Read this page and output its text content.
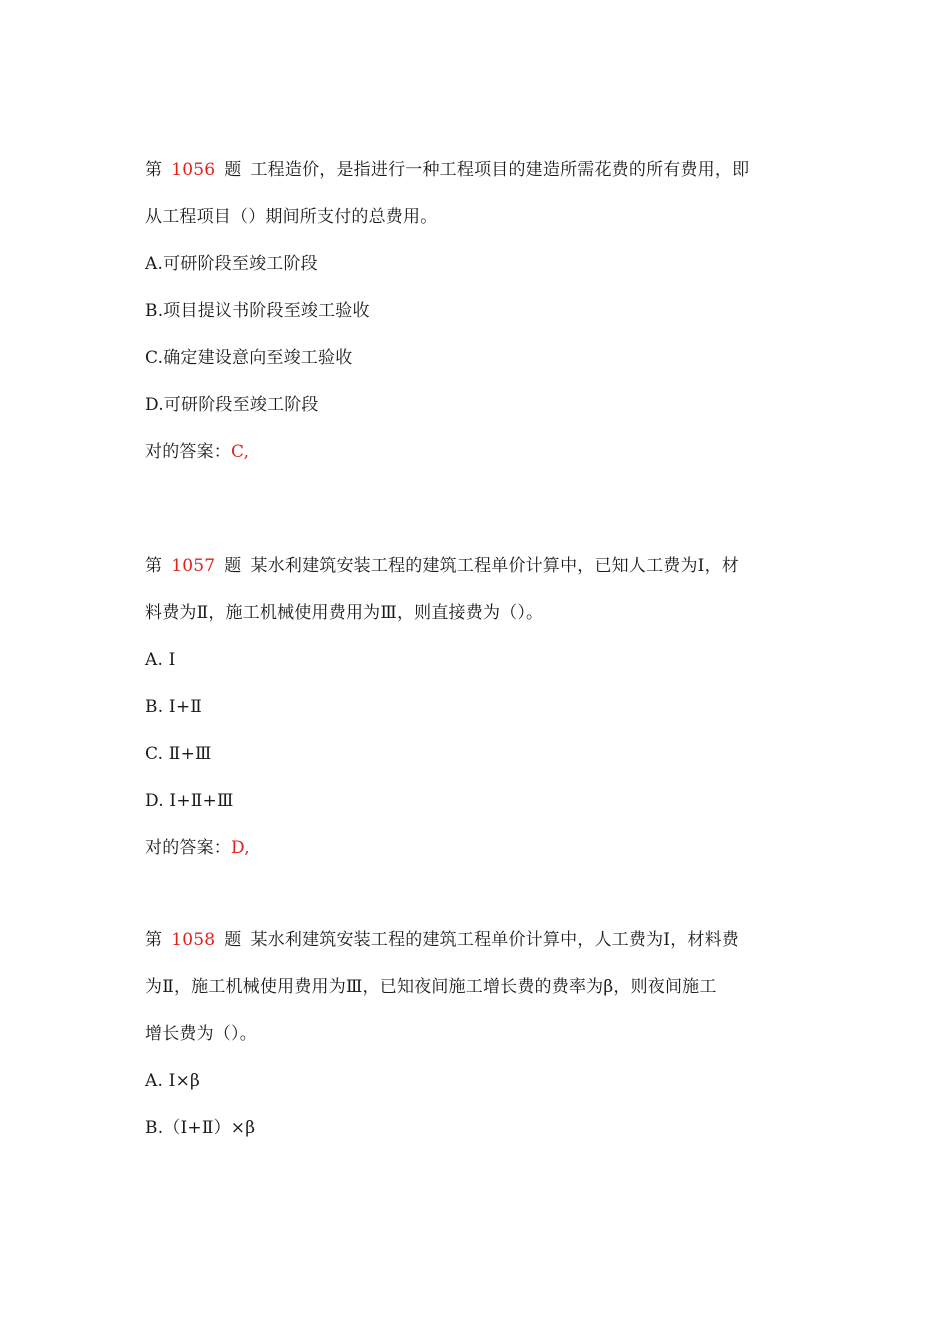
第 1056 题 工程造价，是指进行一种工程项目的建造所需花费的所有费用，即
从工程项目（）期间所支付的总费用。
A.可研阶段至竣工阶段
B.项目提议书阶段至竣工验收
C.确定建设意向至竣工验收
D.可研阶段至竣工阶段
对的答案：C,
第 1057 题 某水利建筑安装工程的建筑工程单价计算中，已知人工费为Ⅰ，材
料费为Ⅱ，施工机械使用费用为Ⅲ，则直接费为（）。
A. Ⅰ
B. Ⅰ+Ⅱ
C. Ⅱ+Ⅲ
D. Ⅰ+Ⅱ+Ⅲ
对的答案：D,
第 1058 题 某水利建筑安装工程的建筑工程单价计算中，人工费为Ⅰ，材料费
为Ⅱ，施工机械使用费用为Ⅲ，已知夜间施工增长费的费率为β，则夜间施工
增长费为（）。
A. Ⅰ×β
B.（Ⅰ+Ⅱ）×β
